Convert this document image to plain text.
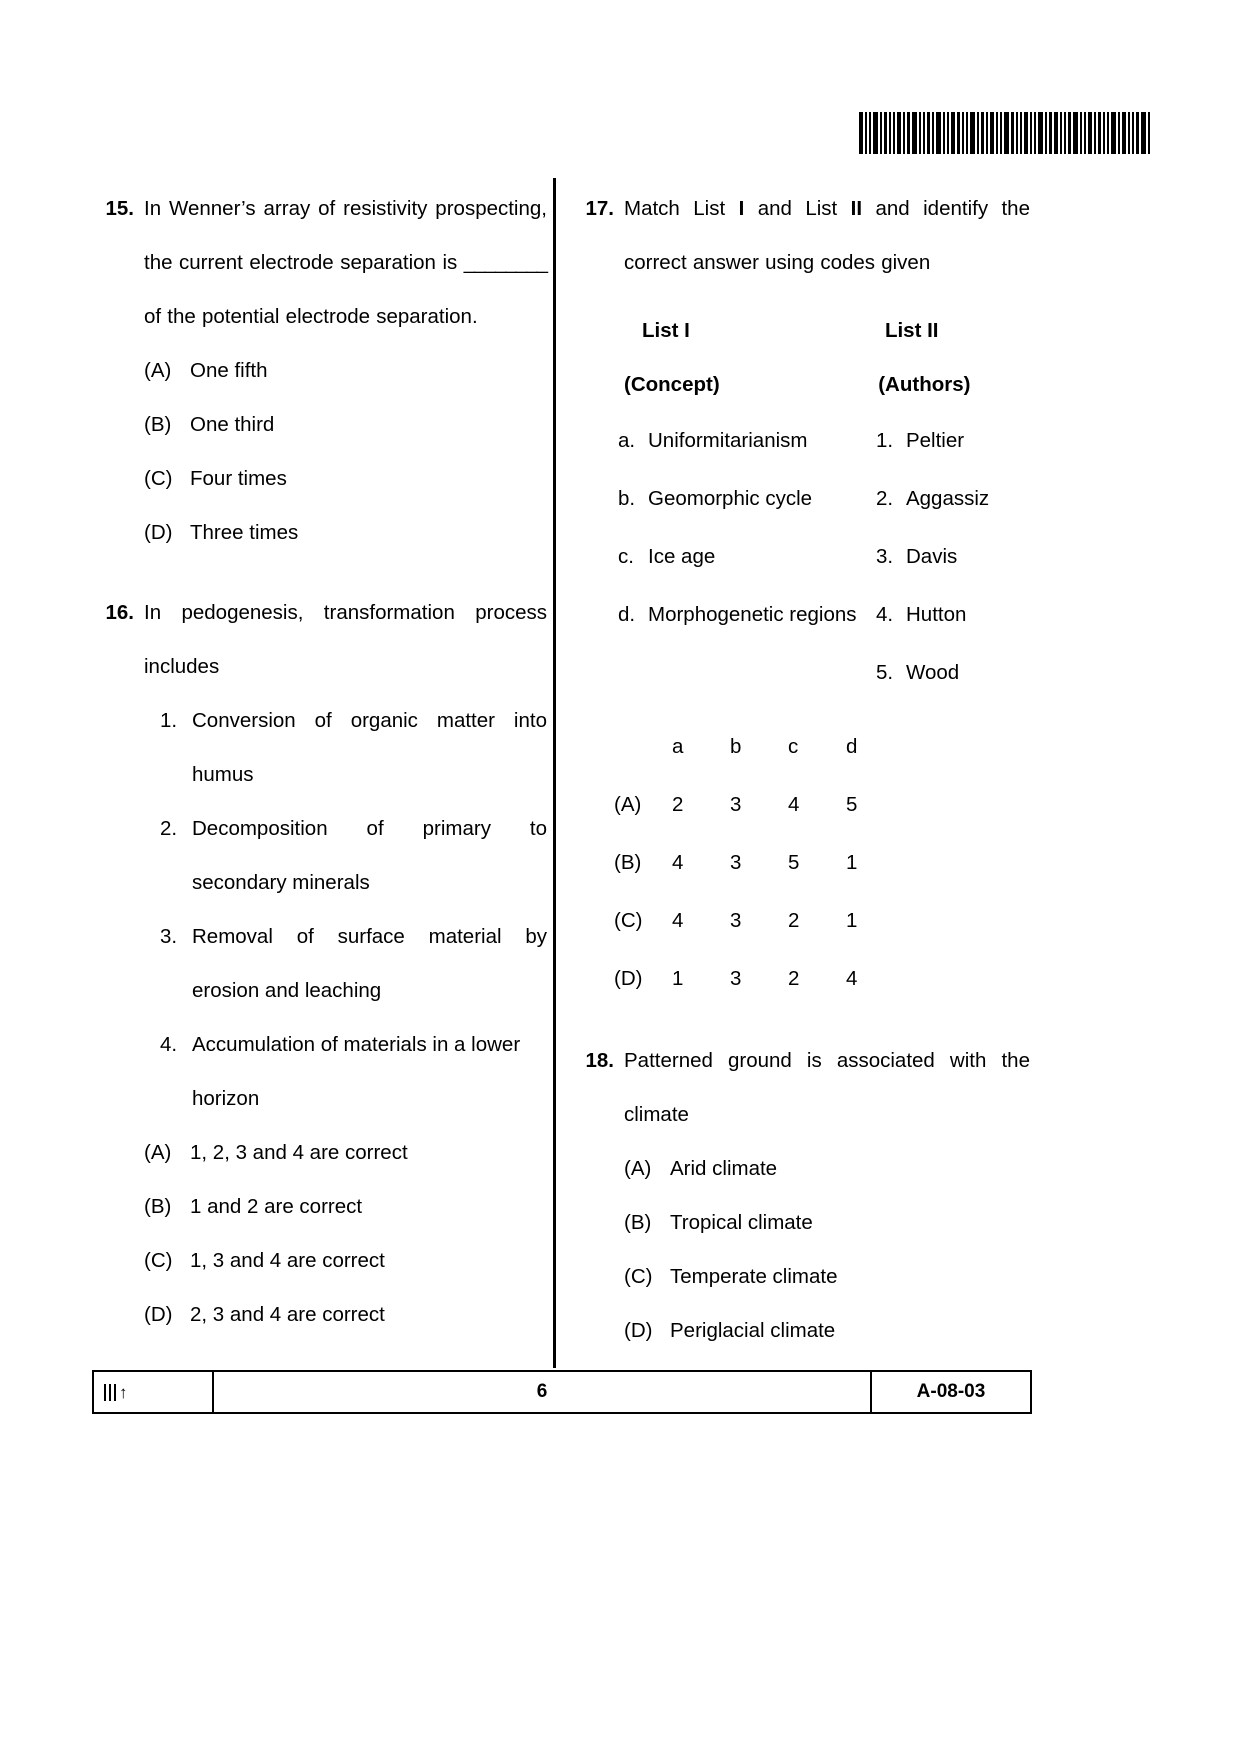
15. In Wenner’s array of resistivity prospecting, the current electrode separation is ________ of the potential electrode separation.
(A) One fifth
(B) One third
(C) Four times
(D) Three times
16. In pedogenesis, transformation process includes
1. Conversion of organic matter into humus
2. Decomposition of primary to secondary minerals
3. Removal of surface material by erosion and leaching
4. Accumulation of materials in a lower horizon
(A) 1, 2, 3 and 4 are correct
(B) 1 and 2 are correct
(C) 1, 3 and 4 are correct
(D) 2, 3 and 4 are correct
17. Match List I and List II and identify the correct answer using codes given
List I	List II
(Concept)	(Authors)
a. Uniformitarianism	1. Peltier
b. Geomorphic cycle	2. Aggassiz
c. Ice age	3. Davis
d. Morphogenetic regions 4. Hutton
5. Wood
a	b	c	d
(A)	2	3	4	5
(B)	4	3	5	1
(C)	4	3	2	1
(D)	1	3	2	4
18. Patterned ground is associated with the climate
(A) Arid climate
(B) Tropical climate
(C) Temperate climate
(D) Periglacial climate
↑	6	A-08-03
